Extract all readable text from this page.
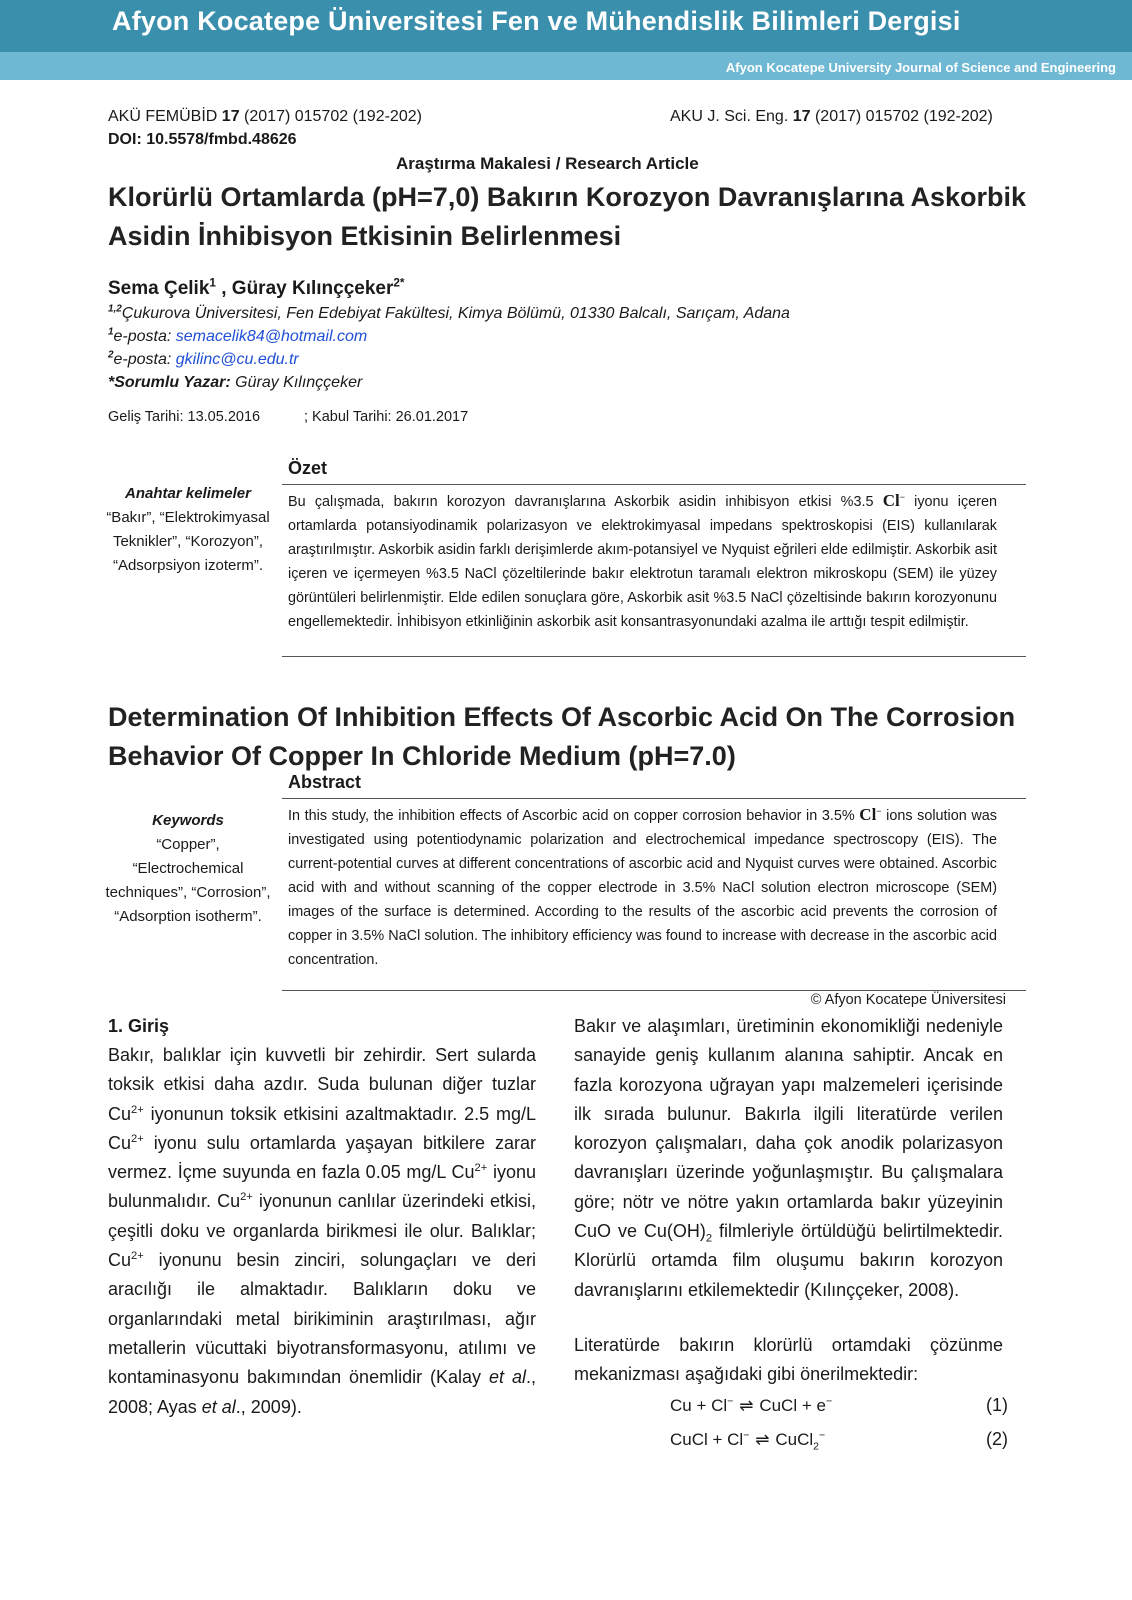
Afyon Kocatepe Üniversitesi Fen ve Mühendislik Bilimleri Dergisi
Afyon Kocatepe University Journal of Science and Engineering
AKÜ FEMÜBİD 17 (2017) 015702 (192-202)	AKU J. Sci. Eng. 17 (2017) 015702 (192-202)
DOI: 10.5578/fmbd.48626
Araştırma Makalesi / Research Article
Klorürlü Ortamlarda (pH=7,0) Bakırın Korozyon Davranışlarına Askorbik Asidin İnhibisyon Etkisinin Belirlenmesi
Sema Çelik$^1$ , Güray Kılınççeker$^{2*}$
$^{1,2}$Çukurova Üniversitesi, Fen Edebiyat Fakültesi, Kimya Bölümü, 01330 Balcalı, Sarıçam, Adana
$^1$e-posta: semacelik84@hotmail.com
$^2$e-posta: gkilinc@cu.edu.tr
*Sorumlu Yazar: Güray Kılınççeker
Geliş Tarihi: 13.05.2016	; Kabul Tarihi: 26.01.2017
Özet
Anahtar kelimeler
“Bakır”, “Elektrokimyasal Teknikler”, “Korozyon”, “Adsorpsiyon izoterm”.
Bu çalışmada, bakırın korozyon davranışlarına Askorbik asidin inhibisyon etkisi %3.5 Cl− iyonu içeren ortamlarda potansiyodinamik polarizasyon ve elektrokimyasal impedans spektroskopisi (EIS) kullanılarak araştırılmıştır. Askorbik asidin farklı derişimlerde akım-potansiyel ve Nyquist eğrileri elde edilmiştir. Askorbik asit içeren ve içermeyen %3.5 NaCl çözeltilerinde bakır elektrotun taramalı elektron mikroskopu (SEM) ile yüzey görüntüleri belirlenmiştir. Elde edilen sonuçlara göre, Askorbik asit %3.5 NaCl çözeltisinde bakırın korozyonunu engellemektedir. İnhibisyon etkinliğinin askorbik asit konsantrasyonundaki azalma ile arttığı tespit edilmiştir.
Determination Of Inhibition Effects Of Ascorbic Acid On The Corrosion Behavior Of Copper In Chloride Medium (pH=7.0)
Abstract
Keywords
“Copper”, “Electrochemical techniques”, “Corrosion”, “Adsorption isotherm”.
In this study, the inhibition effects of Ascorbic acid on copper corrosion behavior in 3.5% Cl− ions solution was investigated using potentiodynamic polarization and electrochemical impedance spectroscopy (EIS). The current-potential curves at different concentrations of ascorbic acid and Nyquist curves were obtained. Ascorbic acid with and without scanning of the copper electrode in 3.5% NaCl solution electron microscope (SEM) images of the surface is determined. According to the results of the ascorbic acid prevents the corrosion of copper in 3.5% NaCl solution. The inhibitory efficiency was found to increase with decrease in the ascorbic acid concentration.
© Afyon Kocatepe Üniversitesi
1. Giriş
Bakır, balıklar için kuvvetli bir zehirdir. Sert sularda toksik etkisi daha azdır. Suda bulunan diğer tuzlar $Cu^{2+}$ iyonunun toksik etkisini azaltmaktadır. 2.5 mg/L $Cu^{2+}$ iyonu sulu ortamlarda yaşayan bitkilere zarar vermez. İçme suyunda en fazla 0.05 mg/L $Cu^{2+}$ iyonu bulunmalıdır. $Cu^{2+}$ iyonunun canlılar üzerindeki etkisi, çeşitli doku ve organlarda birikmesi ile olur. Balıklar; $Cu^{2+}$ iyonunu besin zinciri, solungaçları ve deri aracılığı ile almaktadır. Balıkların doku ve organlarındaki metal birikiminin araştırılması, ağır metallerin vücuttaki biyotransformasyonu, atılımı ve kontaminasyonu bakımından önemlidir (Kalay et al., 2008; Ayas et al., 2009).
Bakır ve alaşımları, üretiminin ekonomikliği nedeniyle sanayide geniş kullanım alanına sahiptir. Ancak en fazla korozyona uğrayan yapı malzemeleri içerisinde ilk sırada bulunur. Bakırla ilgili literatürde verilen korozyon çalışmaları, daha çok anodik polarizasyon davranışları üzerinde yoğunlaşmıştır. Bu çalışmalara göre; nötr ve nötre yakın ortamlarda bakır yüzeyinin CuO ve $Cu(OH)_2$ filmleriyle örtüldüğü belirtilmektedir. Klorürlü ortamda film oluşumu bakırın korozyon davranışlarını etkilemektedir (Kılınççeker, 2008).
Literatürde bakırın klorürlü ortamdaki çözünme mekanizması aşağıdaki gibi önerilmektedir:
Cu + Cl− ⇌ CuCl + e−	(1)
CuCl + Cl− ⇌ CuCl$_2$−	(2)
